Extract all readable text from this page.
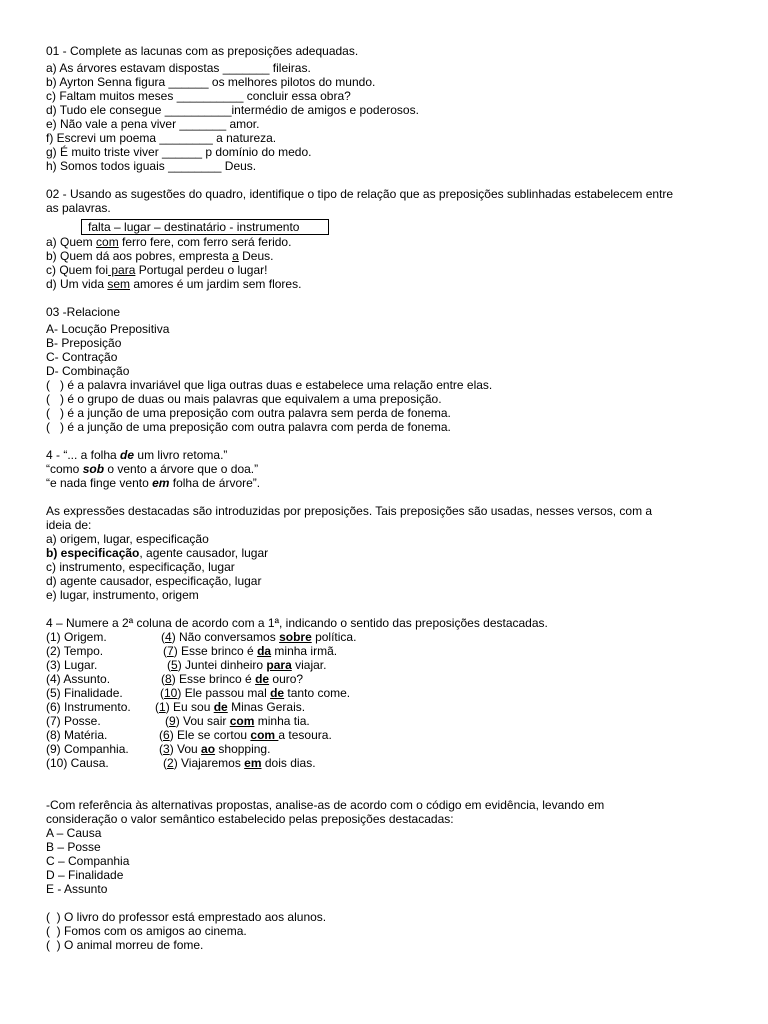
01 - Complete as lacunas com as preposições adequadas.
a) As árvores estavam dispostas _______ fileiras.
b) Ayrton Senna figura ______ os melhores pilotos do mundo.
c) Faltam muitos meses __________ concluir essa obra?
d) Tudo ele consegue __________intermédio de amigos e poderosos.
e) Não vale a pena viver _______ amor.
f) Escrevi um poema ________ a natureza.
g) É muito triste viver ______ p domínio do medo.
h) Somos todos iguais ________ Deus.
02 - Usando as sugestões do quadro, identifique o tipo de relação que as preposições sublinhadas estabelecem entre
as palavras.
falta – lugar – destinatário - instrumento
a) Quem com ferro fere, com ferro será ferido.
b) Quem dá aos pobres, empresta a Deus.
c) Quem foi para Portugal perdeu o lugar!
d) Um vida sem amores é um jardim sem flores.
03 -Relacione
A- Locução Prepositiva
B- Preposição
C- Contração
D- Combinação
(   ) é a palavra invariável que liga outras duas e estabelece uma relação entre elas.
(   ) é o grupo de duas ou mais palavras que equivalem a uma preposição.
(   ) é a junção de uma preposição com outra palavra sem perda de fonema.
(   ) é a junção de uma preposição com outra palavra com perda de fonema.
4 - “... a folha de um livro retoma.”
“como sob o vento a árvore que o doa.”
“e nada finge vento em folha de árvore”.
As expressões destacadas são introduzidas por preposições. Tais preposições são usadas, nesses versos, com a
ideia de:
a) origem, lugar, especificação
b) especificação, agente causador, lugar
c) instrumento, especificação, lugar
d) agente causador, especificação, lugar
e) lugar, instrumento, origem
4 – Numere a 2ª coluna de acordo com a 1ª, indicando o sentido das preposições destacadas.
(1) Origem.
(2) Tempo.
(3) Lugar.
(4) Assunto.
(5) Finalidade.
(6) Instrumento.
(7) Posse.
(8) Matéria.
(9) Companhia.
(10) Causa.
(4) Não conversamos sobre política.
(7) Esse brinco é da minha irmã.
(5) Juntei dinheiro para viajar.
(8) Esse brinco é de ouro?
(10) Ele passou mal de tanto come.
(1) Eu sou de Minas Gerais.
(9) Vou sair com minha tia.
(6) Ele se cortou com a tesoura.
(3) Vou ao shopping.
(2) Viajaremos em dois dias.
-Com referência às alternativas propostas, analise-as de acordo com o código em evidência, levando em
consideração o valor semântico estabelecido pelas preposições destacadas:
A – Causa
B – Posse
C – Companhia
D – Finalidade
E - Assunto
(  ) O livro do professor está emprestado aos alunos.
(  ) Fomos com os amigos ao cinema.
(  ) O animal morreu de fome.
